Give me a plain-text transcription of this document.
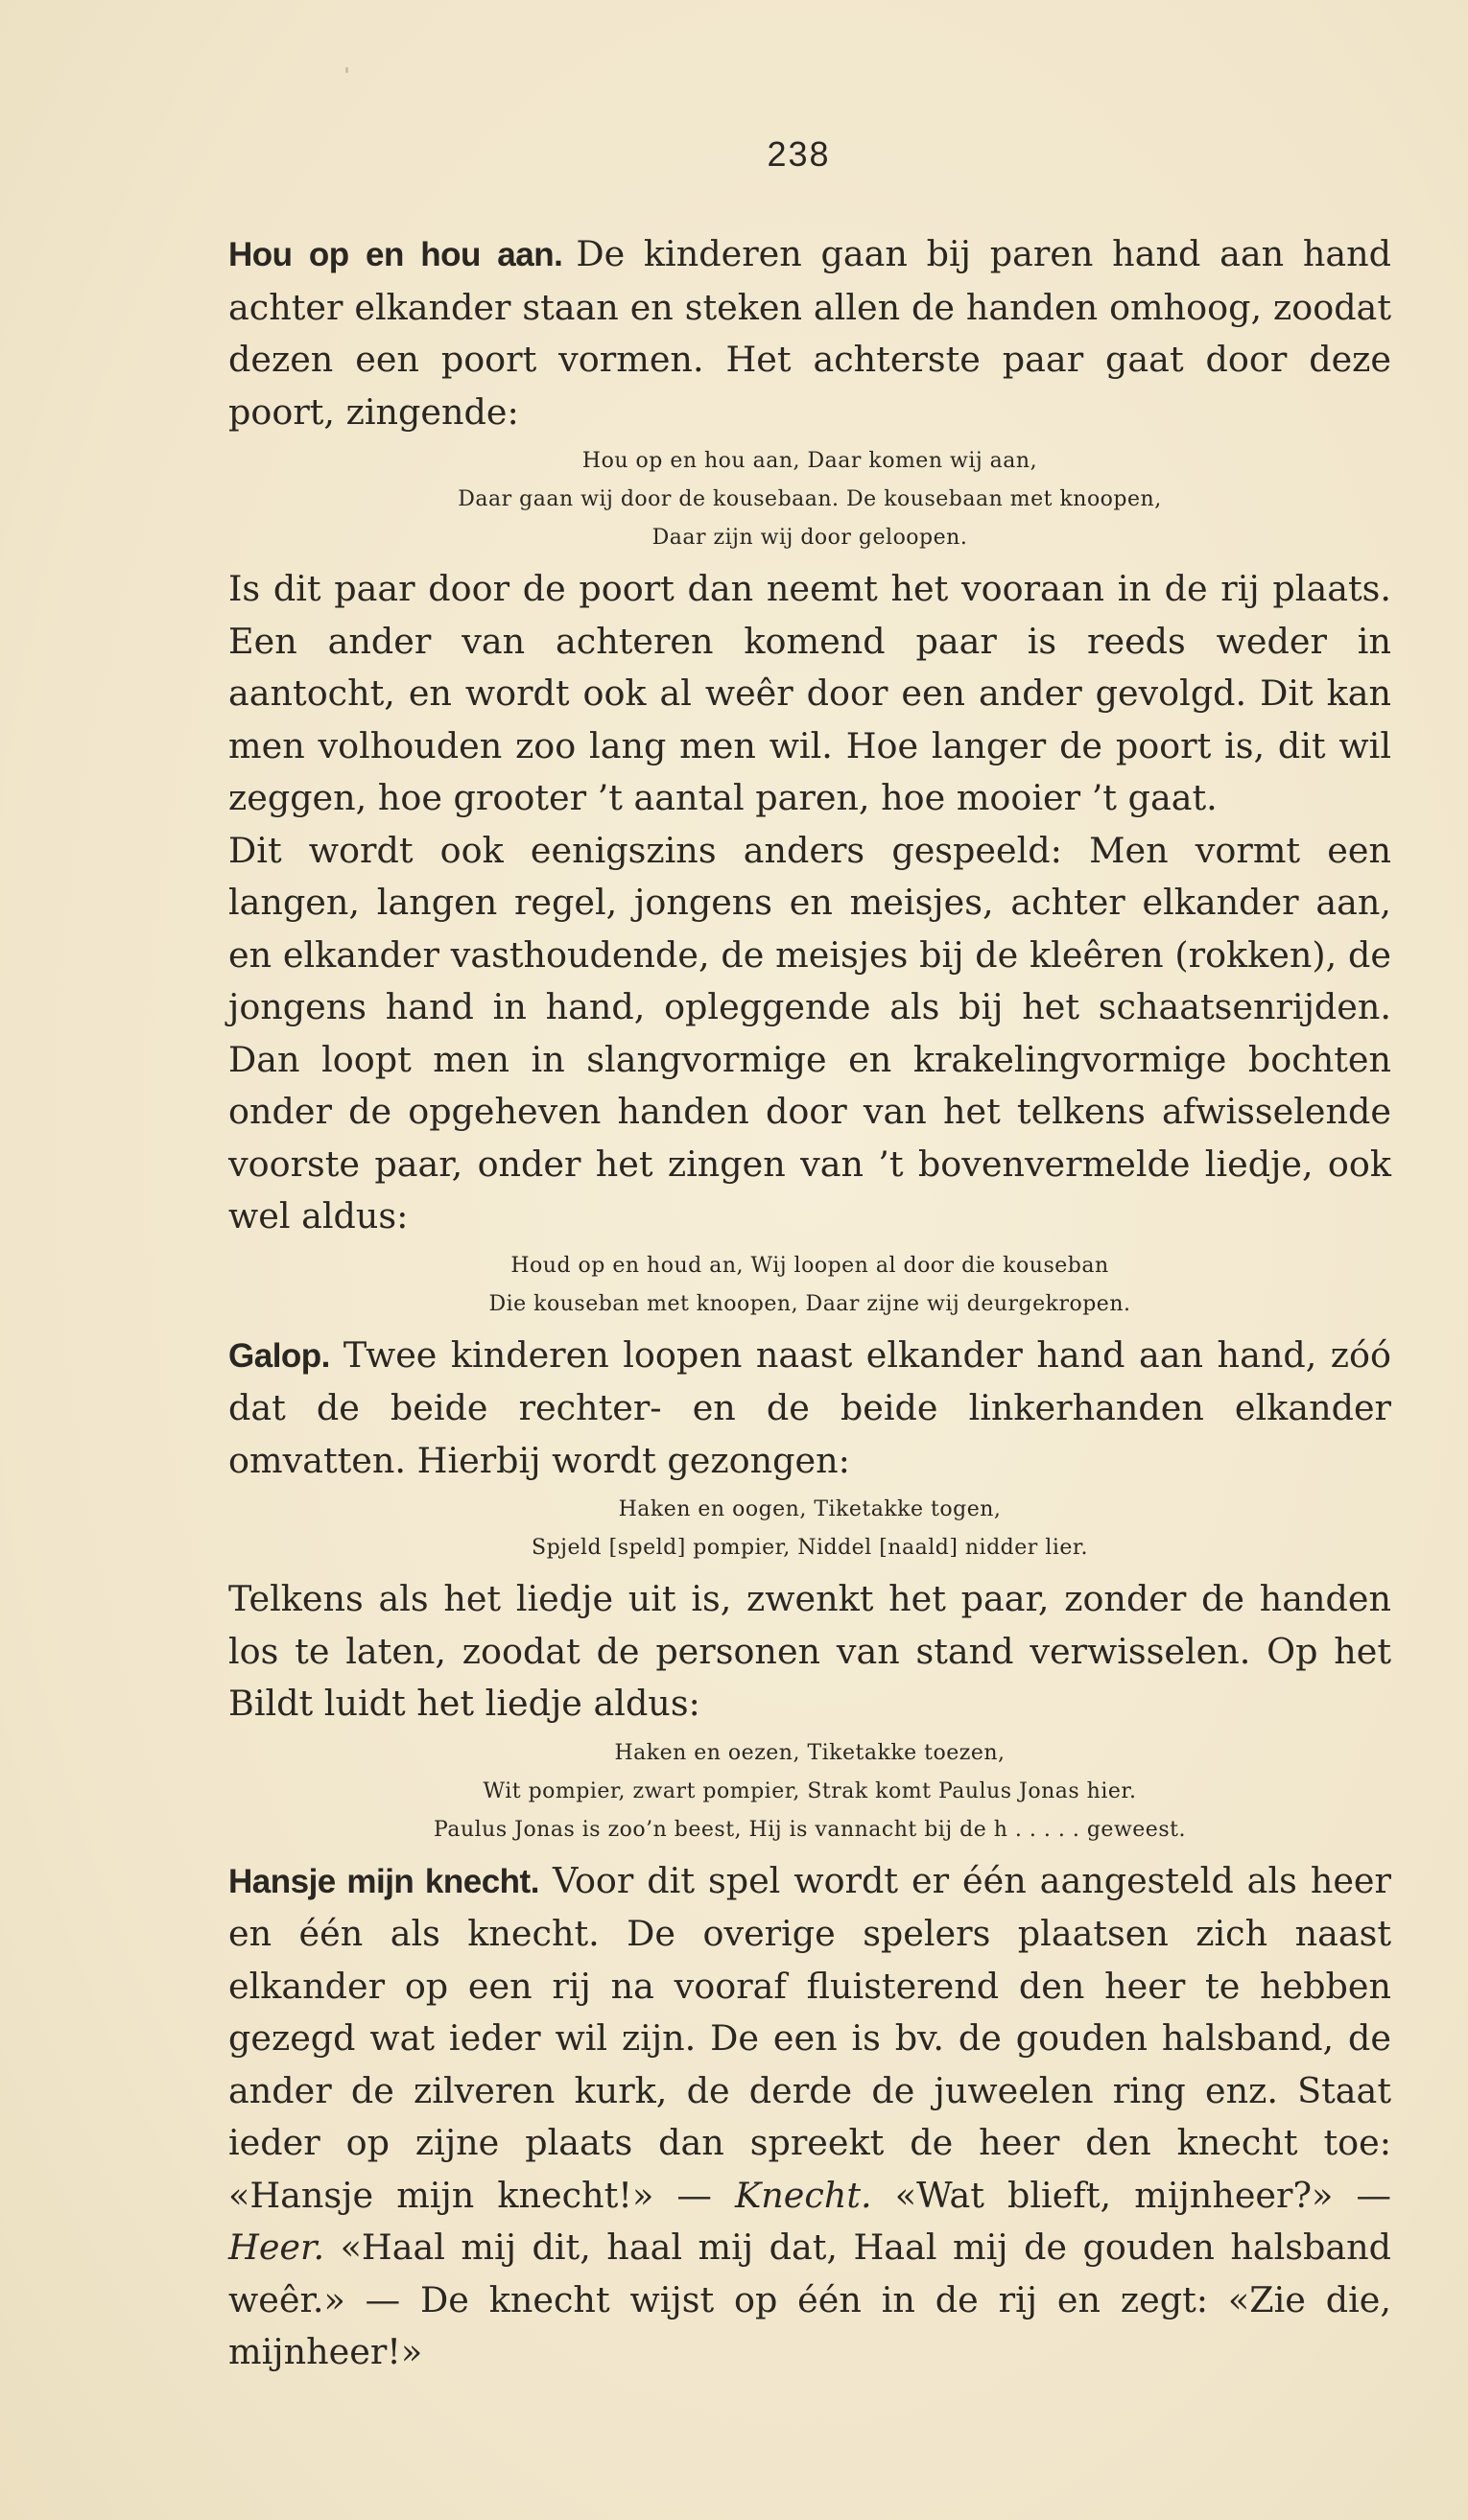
238

Hou op en hou aan. De kinderen gaan bij paren hand aan hand achter elkander staan en steken allen de handen omhoog, zoodat dezen een poort vormen. Het achterste paar gaat door deze poort, zingende:

Hou op en hou aan, Daar komen wij aan,
Daar gaan wij door de kousebaan. De kousebaan met knoopen,
Daar zijn wij door geloopen.

Is dit paar door de poort dan neemt het vooraan in de rij plaats. Een ander van achteren komend paar is reeds weder in aantocht, en wordt ook al weêr door een ander gevolgd. Dit kan men volhouden zoo lang men wil. Hoe langer de poort is, dit wil zeggen, hoe grooter ’t aantal paren, hoe mooier ’t gaat.

Dit wordt ook eenigszins anders gespeeld: Men vormt een langen, langen regel, jongens en meisjes, achter elkander aan, en elkander vasthoudende, de meisjes bij de kleêren (rokken), de jongens hand in hand, opleggende als bij het schaatsenrijden. Dan loopt men in slangvormige en krakelingvormige bochten onder de opgeheven handen door van het telkens afwisselende voorste paar, onder het zingen van ’t bovenvermelde liedje, ook wel aldus:

Houd op en houd an, Wij loopen al door die kouseban
Die kouseban met knoopen, Daar zijne wij deurgekropen.

Galop. Twee kinderen loopen naast elkander hand aan hand, zóó dat de beide rechter- en de beide linkerhanden elkander omvatten. Hierbij wordt gezongen:

Haken en oogen, Tiketakke togen,
Spjeld [speld] pompier, Niddel [naald] nidder lier.

Telkens als het liedje uit is, zwenkt het paar, zonder de handen los te laten, zoodat de personen van stand verwisselen. Op het Bildt luidt het liedje aldus:

Haken en oezen, Tiketakke toezen,
Wit pompier, zwart pompier, Strak komt Paulus Jonas hier.
Paulus Jonas is zoo’n beest, Hij is vannacht bij de h . . . . . geweest.

Hansje mijn knecht. Voor dit spel wordt er één aangesteld als heer en één als knecht. De overige spelers plaatsen zich naast elkander op een rij na vooraf fluisterend den heer te hebben gezegd wat ieder wil zijn. De een is bv. de gouden halsband, de ander de zilveren kurk, de derde de juweelen ring enz. Staat ieder op zijne plaats dan spreekt de heer den knecht toe: «Hansje mijn knecht!» — Knecht. «Wat blieft, mijnheer?» — Heer. «Haal mij dit, haal mij dat, Haal mij de gouden halsband weêr.» — De knecht wijst op één in de rij en zegt: «Zie die, mijnheer!»
